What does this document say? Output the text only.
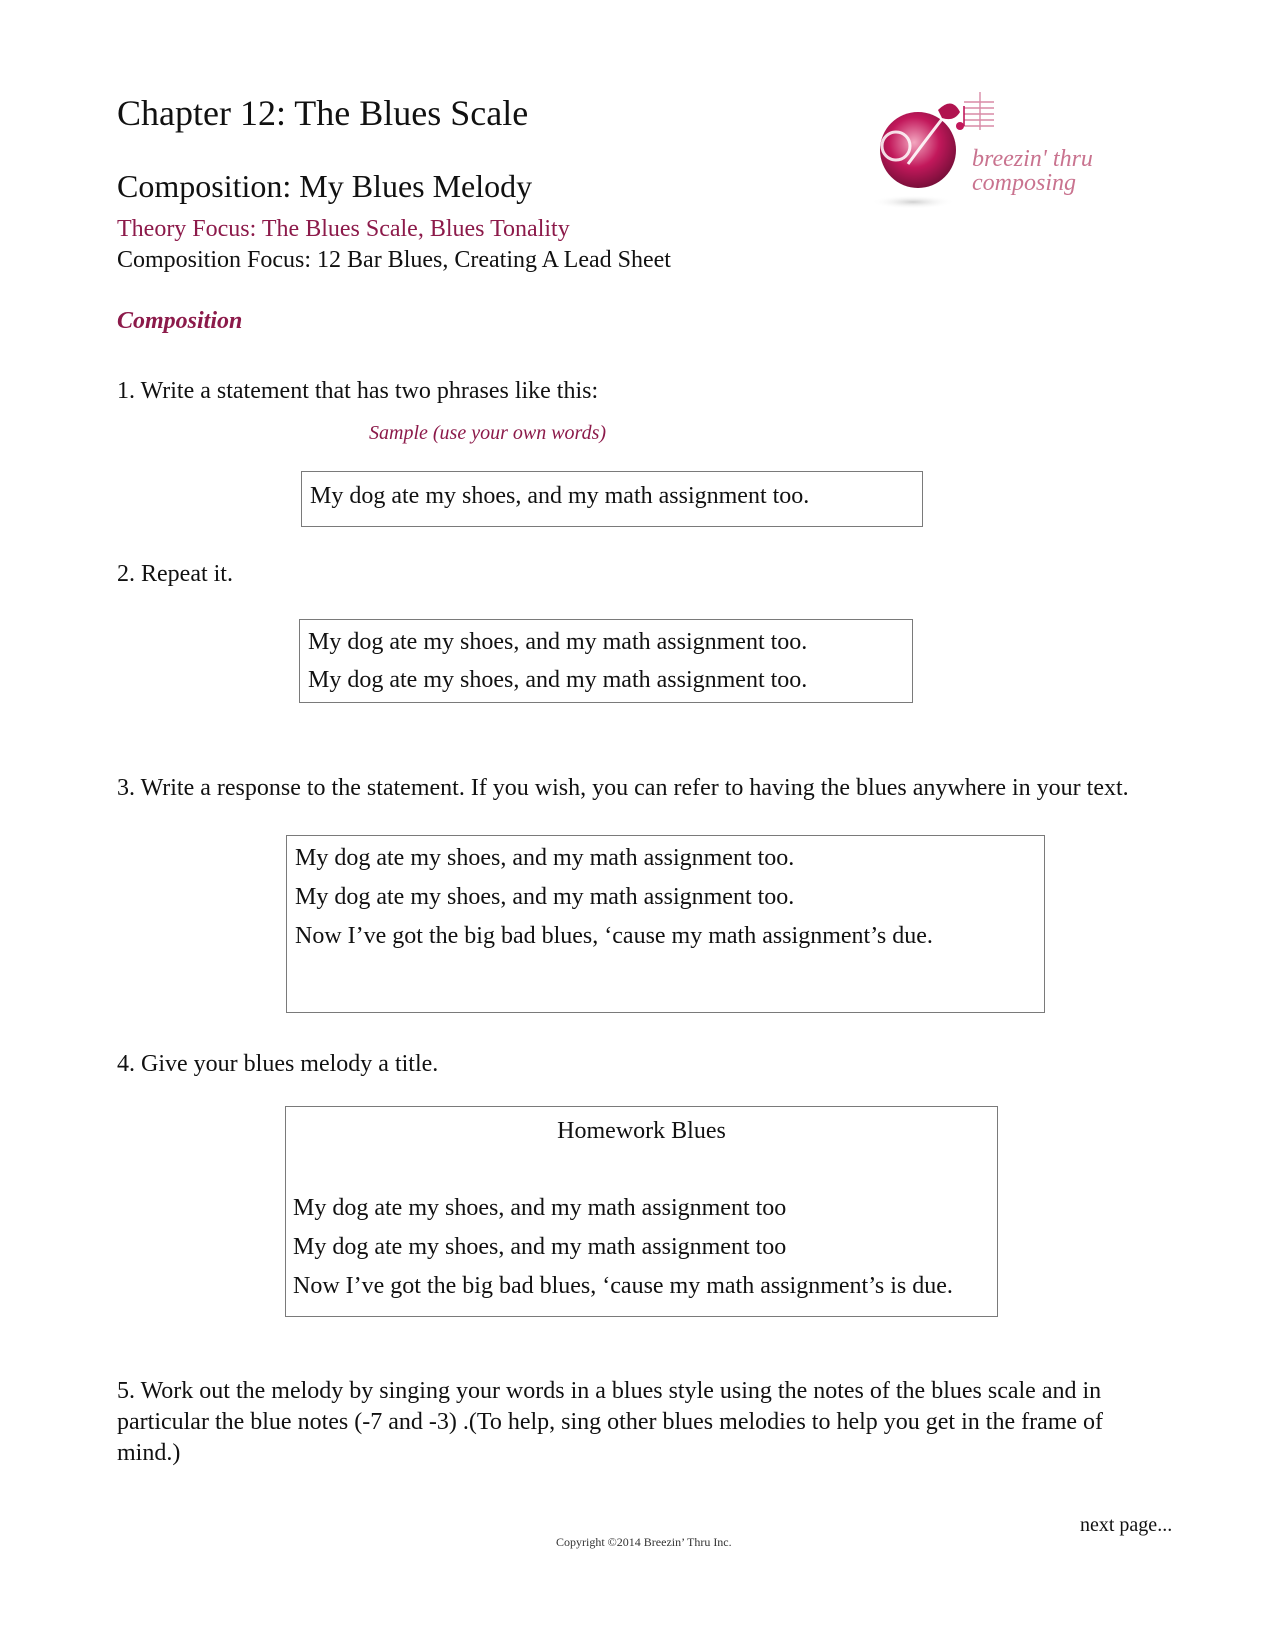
Chapter 12: The Blues Scale
Composition: My Blues Melody
Theory Focus: The Blues Scale, Blues Tonality
Composition Focus: 12 Bar Blues, Creating A Lead Sheet
breezin' thru
composing
Composition
1. Write a statement that has two phrases like this:
Sample (use your own words)
My dog ate my shoes, and my math assignment too.
2. Repeat it.
My dog ate my shoes, and my math assignment too.
My dog ate my shoes, and my math assignment too.
3. Write a response to the statement. If you wish, you can refer to having the blues anywhere in your text.
My dog ate my shoes, and my math assignment too.
My dog ate my shoes, and my math assignment too.
Now I’ve got the big bad blues, ‘cause my math assignment’s due.
4. Give your blues melody a title.
Homework Blues
My dog ate my shoes, and my math assignment too
My dog ate my shoes, and my math assignment too
Now I’ve got the big bad blues, ‘cause my math assignment’s is due.
5. Work out the melody by singing your words in a blues style using the notes of the blues scale and in
particular the blue notes (-7 and -3) .(To help, sing other blues melodies to help you get in the frame of
mind.)
next page...
Copyright ©2014 Breezin’ Thru Inc.
